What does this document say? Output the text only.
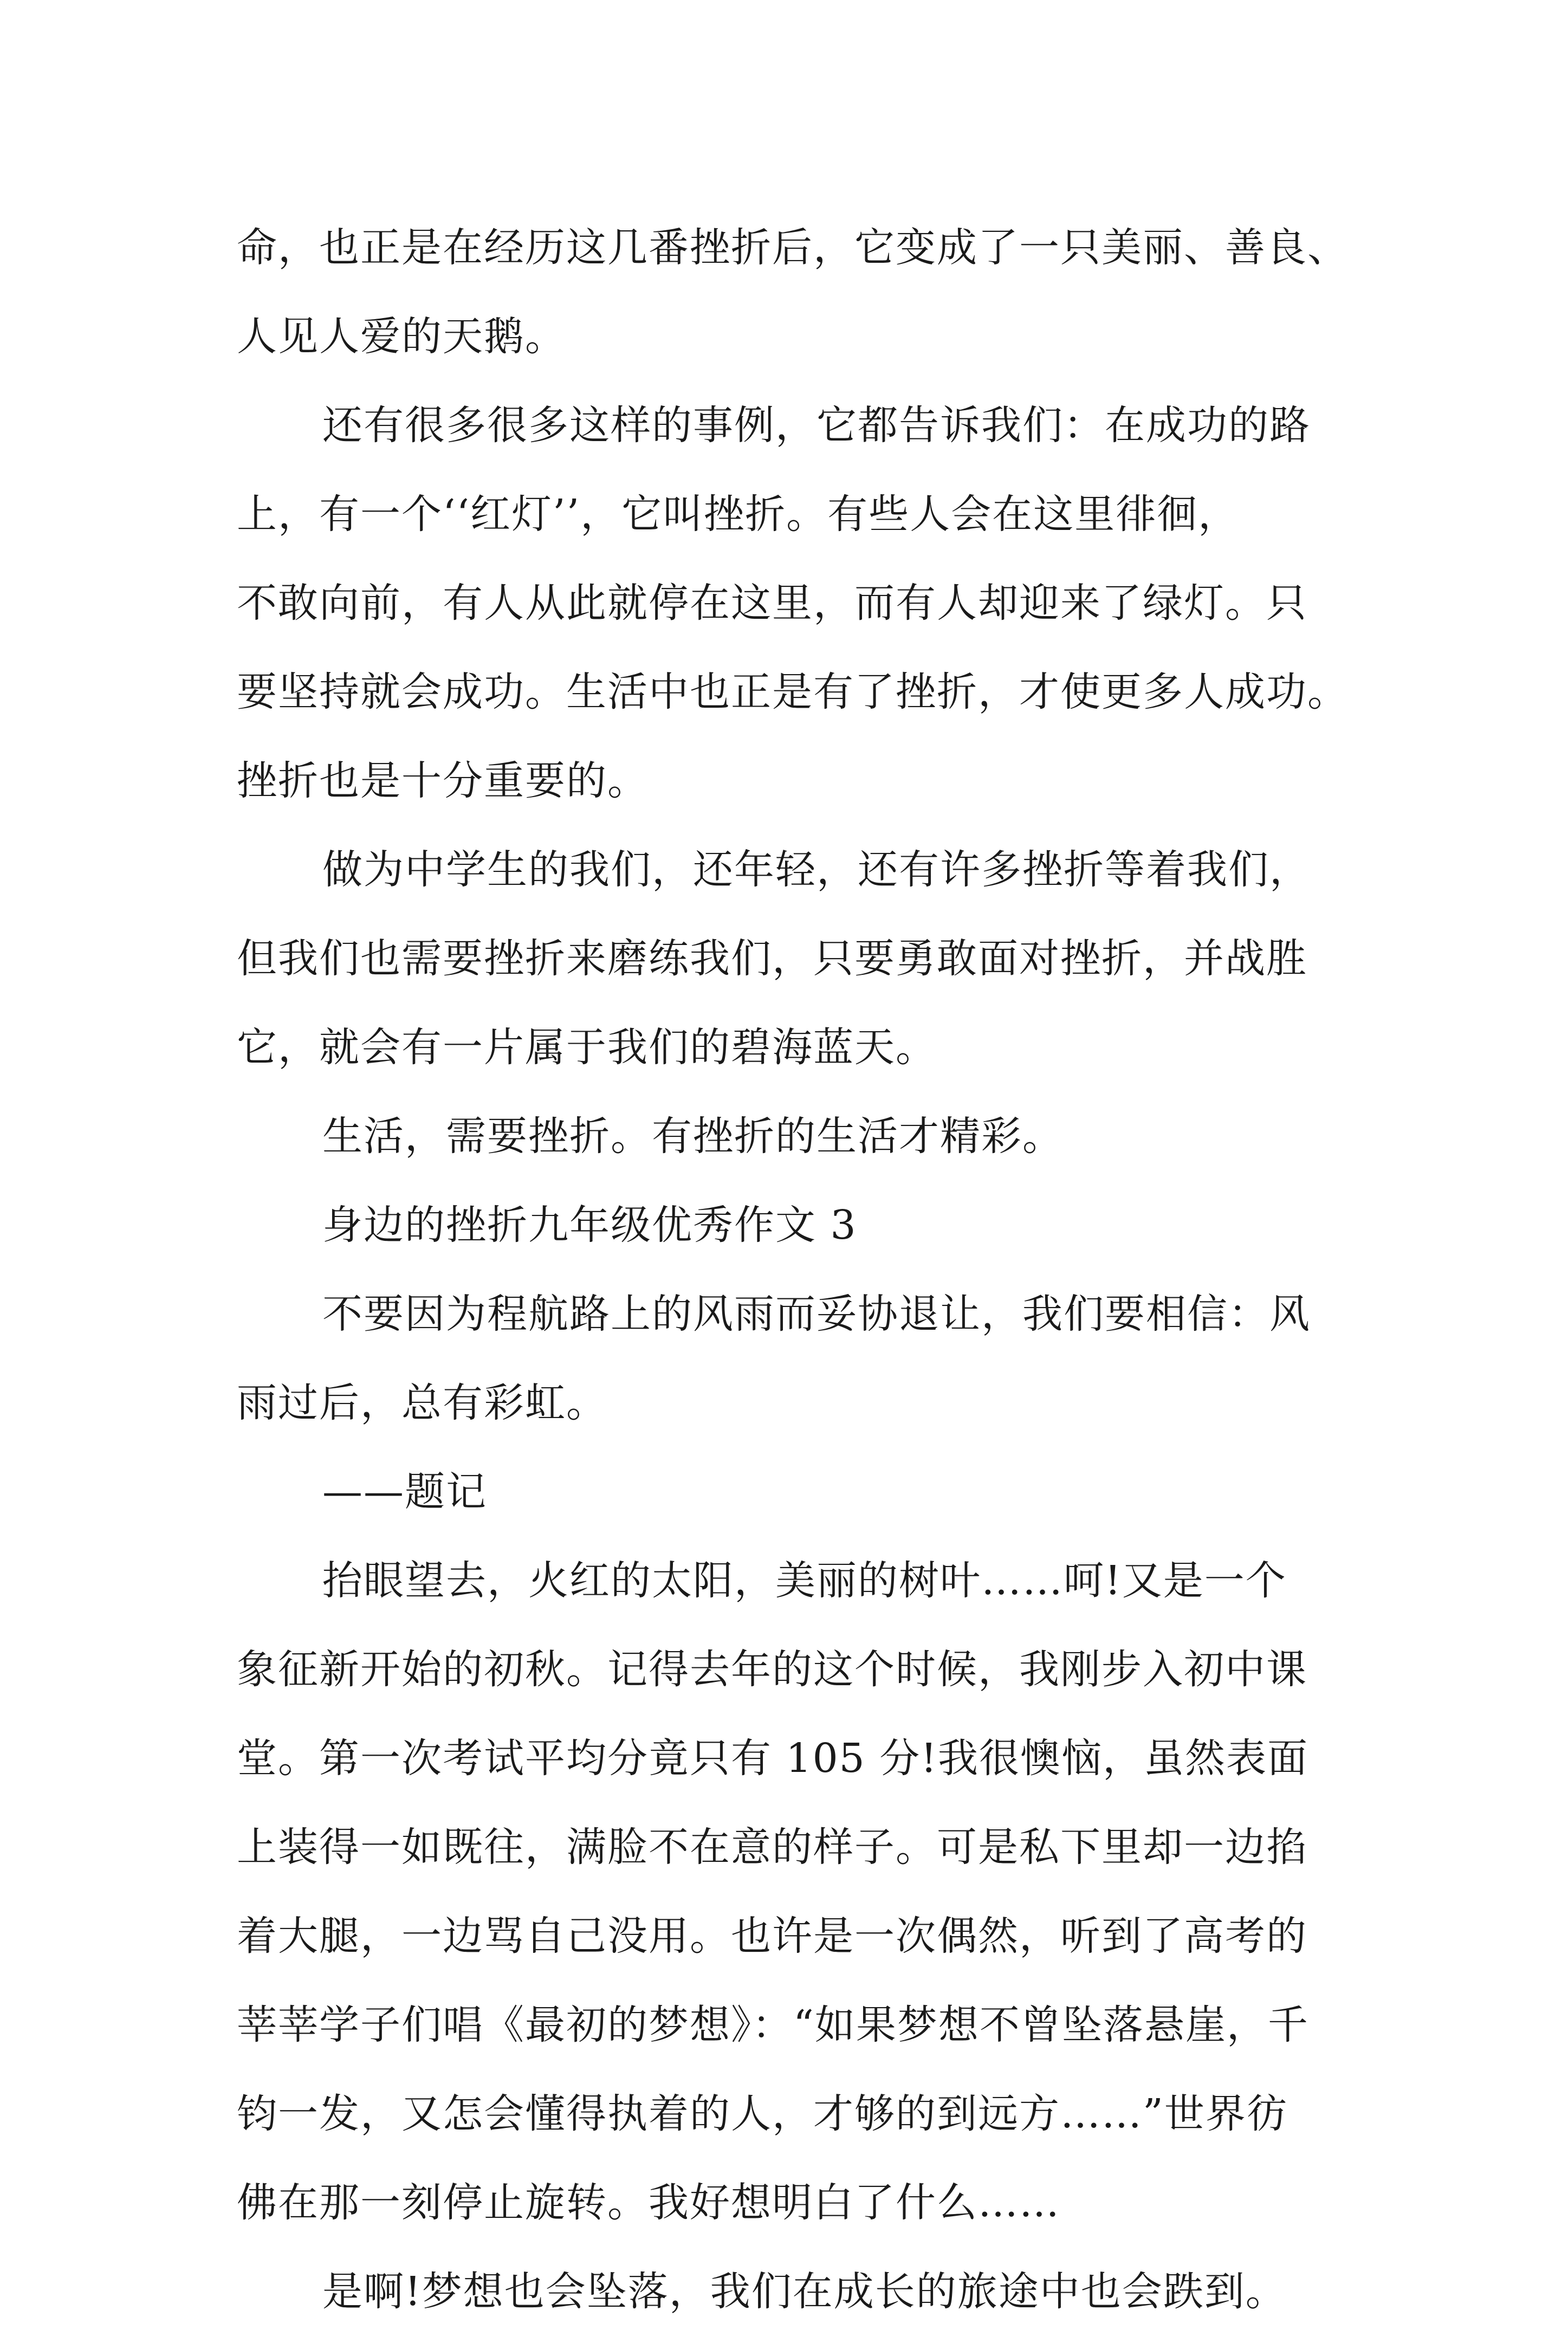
命，也正是在经历这几番挫折后，它变成了一只美丽、善良、
人见人爱的天鹅。
还有很多很多这样的事例，它都告诉我们：在成功的路
上，有一个‘‘红灯’’，它叫挫折。有些人会在这里徘徊，
不敢向前，有人从此就停在这里，而有人却迎来了绿灯。只
要坚持就会成功。生活中也正是有了挫折，才使更多人成功。
挫折也是十分重要的。
做为中学生的我们，还年轻，还有许多挫折等着我们，
但我们也需要挫折来磨练我们，只要勇敢面对挫折，并战胜
它，就会有一片属于我们的碧海蓝天。
生活，需要挫折。有挫折的生活才精彩。
身边的挫折九年级优秀作文 3
不要因为程航路上的风雨而妥协退让，我们要相信：风
雨过后，总有彩虹。
——题记
抬眼望去，火红的太阳，美丽的树叶……呵!又是一个
象征新开始的初秋。记得去年的这个时候，我刚步入初中课
堂。第一次考试平均分竟只有 105 分!我很懊恼，虽然表面
上装得一如既往，满脸不在意的样子。可是私下里却一边掐
着大腿，一边骂自己没用。也许是一次偶然，听到了高考的
莘莘学子们唱《最初的梦想》：“如果梦想不曾坠落悬崖，千
钧一发，又怎会懂得执着的人，才够的到远方……”世界彷
佛在那一刻停止旋转。我好想明白了什么……
是啊!梦想也会坠落，我们在成长的旅途中也会跌到。
